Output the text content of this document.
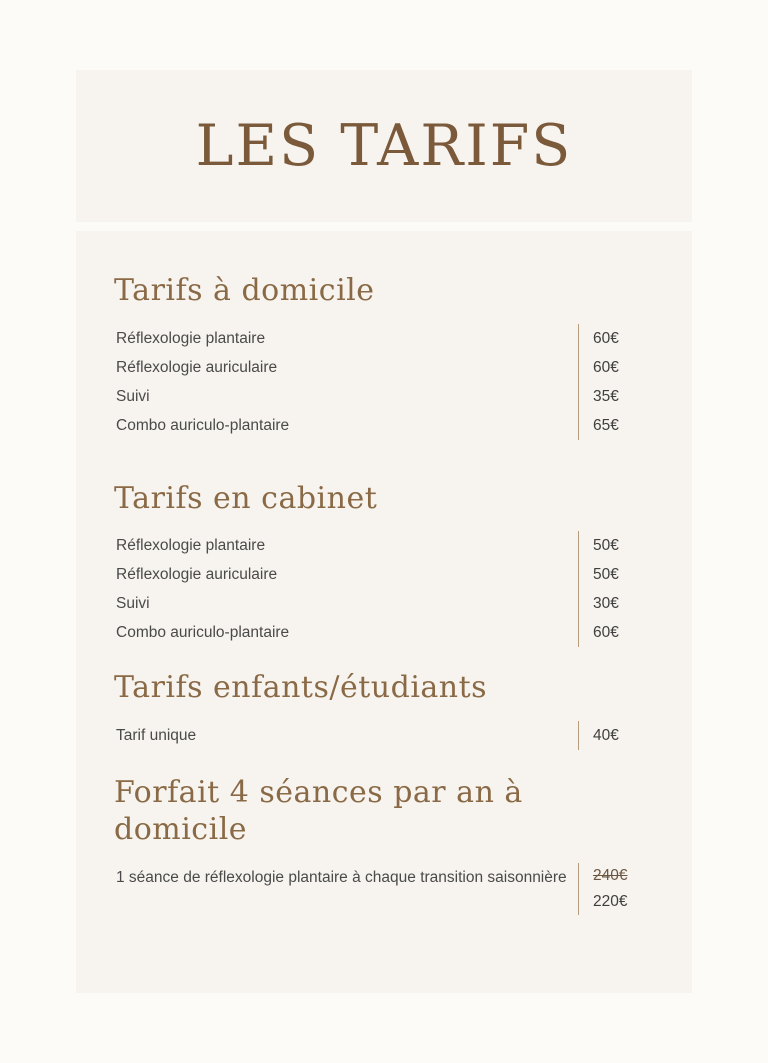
LES TARIFS
Tarifs à domicile
Réflexologie plantaire	60€
Réflexologie auriculaire	60€
Suivi	35€
Combo auriculo-plantaire	65€
Tarifs en cabinet
Réflexologie plantaire	50€
Réflexologie auriculaire	50€
Suivi	30€
Combo auriculo-plantaire	60€
Tarifs enfants/étudiants
Tarif unique	40€
Forfait 4 séances par an à domicile
1 séance de réflexologie plantaire à chaque transition saisonnière	240€
220€
